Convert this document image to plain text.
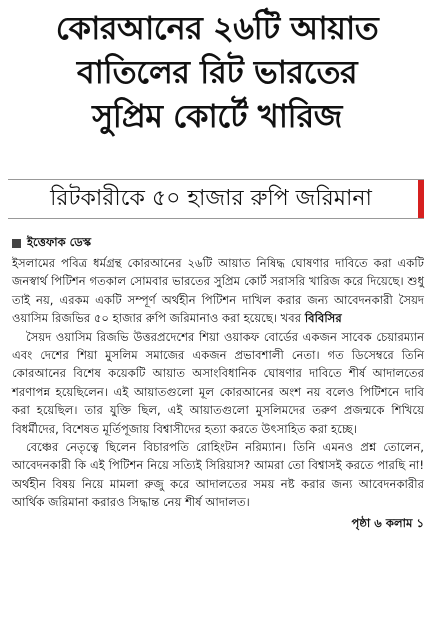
কোরআনের ২৬টি আয়াত
বাতিলের রিট ভারতের
সুপ্রিম কোর্টে খারিজ
রিটকারীকে ৫০ হাজার রুপি জরিমানা
ইত্তেফাক ডেস্ক

ইসলামের পবিত্র ধর্মগ্রন্থ কোরআনের ২৬টি আয়াত নিষিদ্ধ ঘোষণার দাবিতে করা একটি জনস্বার্থ পিটিশন গতকাল সোমবার ভারতের সুপ্রিম কোর্ট সরাসরি খারিজ করে দিয়েছে। শুধু তাই নয়, এরকম একটি সম্পূর্ণ অর্থহীন পিটিশন দাখিল করার জন্য আবেদনকারী সৈয়দ ওয়াসিম রিজভির ৫০ হাজার রুপি জরিমানাও করা হয়েছে। খবর বিবিসির

সৈয়দ ওয়াসিম রিজভি উত্তরপ্রদেশের শিয়া ওয়াকফ বোর্ডের একজন সাবেক চেয়ারম্যান এবং দেশের শিয়া মুসলিম সমাজের একজন প্রভাবশালী নেতা। গত ডিসেম্বরে তিনি কোরআনের বিশেষ কয়েকটি আয়াত অসাংবিধানিক ঘোষণার দাবিতে শীর্ষ আদালতের শরণাপন্ন হয়েছিলেন। এই আয়াতগুলো মূল কোরআনের অংশ নয় বলেও পিটিশনে দাবি করা হয়েছিল। তার যুক্তি ছিল, এই আয়াতগুলো মুসলিমদের তরুণ প্রজন্মকে শিখিয়ে বিধর্মীদের, বিশেষত মূর্তিপূজায় বিশ্বাসীদের হত্যা করতে উৎসাহিত করা হচ্ছে।

বেঞ্চের নেতৃত্বে ছিলেন বিচারপতি রোহিংটন নরিম্যান। তিনি এমনও প্রশ্ন তোলেন, আবেদনকারী কি এই পিটিশন নিয়ে সত্যিই সিরিয়াস? আমরা তো বিশ্বাসই করতে পারছি না! অর্থহীন বিষয় নিয়ে মামলা রুজু করে আদালতের সময় নষ্ট করার জন্য আবেদনকারীর আর্থিক জরিমানা করারও সিদ্ধান্ত নেয় শীর্ষ আদালত।

পৃষ্ঠা ৬ কলাম ১
